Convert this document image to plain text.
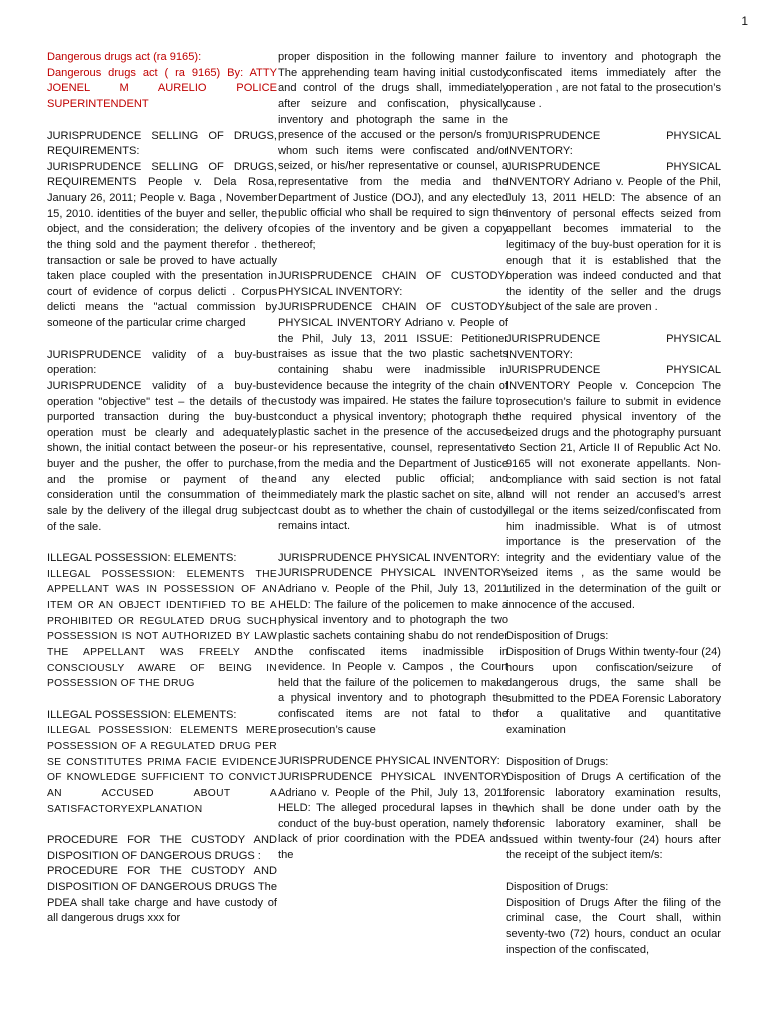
1

Dangerous drugs act (ra 9165):

Dangerous drugs act ( ra 9165) By: ATTY JOENEL M AURELIO POLICE SUPERINTENDENT

JURISPRUDENCE SELLING OF DRUGS, REQUIREMENTS:

JURISPRUDENCE SELLING OF DRUGS, REQUIREMENTS People v. Dela Rosa, January 26, 2011; People v. Baga , November 15, 2010. identities of the buyer and seller, the object, and the consideration; the delivery of the thing sold and the payment therefor . the transaction or sale be proved to have actually taken place coupled with the presentation in court of evidence of corpus delicti . Corpus delicti means the "actual commission by someone of the particular crime charged

JURISPRUDENCE validity of a buy-bust operation:

JURISPRUDENCE validity of a buy-bust operation "objective" test – the details of the purported transaction during the buy-bust operation must be clearly and adequately shown, the initial contact between the poseur-buyer and the pusher, the offer to purchase, and the promise or payment of the consideration until the consummation of the sale by the delivery of the illegal drug subject of the sale.

ILLEGAL POSSESSION: ELEMENTS:

ILLEGAL POSSESSION: ELEMENTS THE APPELLANT WAS IN POSSESSION OF AN ITEM OR AN OBJECT IDENTIFIED TO BE A PROHIBITED OR REGULATED DRUG SUCH POSSESSION IS NOT AUTHORIZED BY LAW THE APPELLANT WAS FREELY AND CONSCIOUSLY AWARE OF BEING IN POSSESSION OF THE DRUG

ILLEGAL POSSESSION: ELEMENTS:

ILLEGAL POSSESSION: ELEMENTS MERE POSSESSION OF A REGULATED DRUG PER SE CONSTITUTES PRIMA FACIE EVIDENCE OF KNOWLEDGE SUFFICIENT TO CONVICT AN ACCUSED ABOUT A SATISFACTORYEXPLANATION

PROCEDURE FOR THE CUSTODY AND DISPOSITION OF DANGEROUS DRUGS :

PROCEDURE FOR THE CUSTODY AND DISPOSITION OF DANGEROUS DRUGS The PDEA shall take charge and have custody of all dangerous drugs xxx for

proper disposition in the following manner : The apprehending team having initial custody and control of the drugs shall, immediately after seizure and confiscation, physically inventory and photograph the same in the presence of the accused or the person/s from whom such items were confiscated and/or seized, or his/her representative or counsel, a representative from the media and the Department of Justice (DOJ), and any elected public official who shall be required to sign the copies of the inventory and be given a copy thereof;

JURISPRUDENCE CHAIN OF CUSTODY/ PHYSICAL INVENTORY:

JURISPRUDENCE CHAIN OF CUSTODY/ PHYSICAL INVENTORY Adriano v. People of the Phil, July 13, 2011 ISSUE: Petitioner raises as issue that the two plastic sachets containing shabu were inadmissible in evidence because the integrity of the chain of custody was impaired. He states the failure to: conduct a physical inventory; photograph the plastic sachet in the presence of the accused or his representative, counsel, representative from the media and the Department of Justice and any elected public official; and immediately mark the plastic sachet on site, all cast doubt as to whether the chain of custody remains intact.

JURISPRUDENCE PHYSICAL INVENTORY:

JURISPRUDENCE PHYSICAL INVENTORY Adriano v. People of the Phil, July 13, 2011 HELD: The failure of the policemen to make a physical inventory and to photograph the two plastic sachets containing shabu do not render the confiscated items inadmissible in evidence. In People v. Campos , the Court held that the failure of the policemen to make a physical inventory and to photograph the confiscated items are not fatal to the prosecution’s cause

JURISPRUDENCE PHYSICAL INVENTORY:

JURISPRUDENCE PHYSICAL INVENTORY Adriano v. People of the Phil, July 13, 2011 HELD: The alleged procedural lapses in the conduct of the buy-bust operation, namely the lack of prior coordination with the PDEA and the

failure to inventory and photograph the confiscated items immediately after the operation , are not fatal to the prosecution’s cause .

JURISPRUDENCE PHYSICAL INVENTORY:

JURISPRUDENCE PHYSICAL INVENTORY Adriano v. People of the Phil, July 13, 2011 HELD: The absence of an inventory of personal effects seized from appellant becomes immaterial to the legitimacy of the buy-bust operation for it is enough that it is established that the operation was indeed conducted and that the identity of the seller and the drugs subject of the sale are proven .

JURISPRUDENCE PHYSICAL INVENTORY:

JURISPRUDENCE PHYSICAL INVENTORY People v. Concepcion The prosecution’s failure to submit in evidence the required physical inventory of the seized drugs and the photography pursuant to Section 21, Article II of Republic Act No. 9165 will not exonerate appellants. Non-compliance with said section is not fatal and will not render an accused’s arrest illegal or the items seized/confiscated from him inadmissible. What is of utmost importance is the preservation of the integrity and the evidentiary value of the seized items , as the same would be utilized in the determination of the guilt or innocence of the accused.

Disposition of Drugs:

Disposition of Drugs Within twenty-four (24) hours upon confiscation/seizure of dangerous drugs, the same shall be submitted to the PDEA Forensic Laboratory for a qualitative and quantitative examination

Disposition of Drugs:

Disposition of Drugs A certification of the forensic laboratory examination results, which shall be done under oath by the forensic laboratory examiner, shall be issued within twenty-four (24) hours after the receipt of the subject item/s:

Disposition of Drugs:

Disposition of Drugs After the filing of the criminal case, the Court shall, within seventy-two (72) hours, conduct an ocular inspection of the confiscated,
